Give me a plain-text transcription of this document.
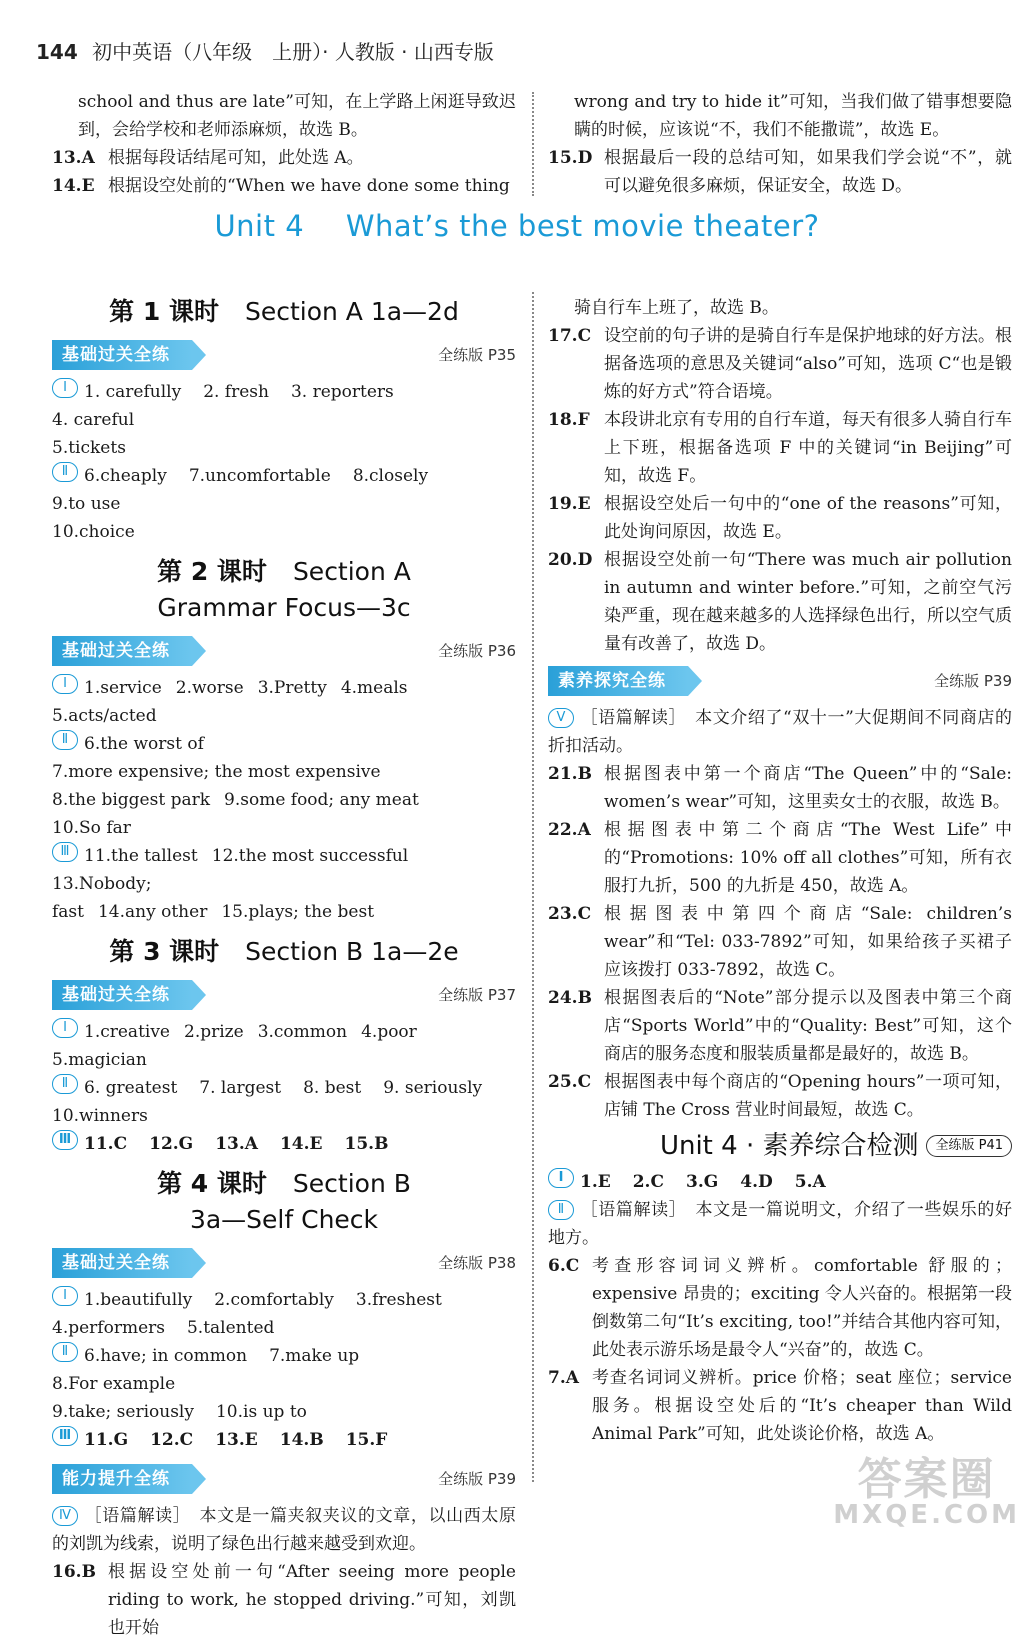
144 初中英语（八年级　上册）· 人教版 · 山西专版

school and thus are late”可知，在上学路上闲逛导致迟到，会给学校和老师添麻烦，故选 B。

13.A 根据每段话结尾可知，此处选 A。
14.E 根据设空处前的“When we have done some thing

wrong and try to hide it”可知，当我们做了错事想要隐瞒的时候，应该说“不，我们不能撒谎”，故选 E。

15.D 根据最后一段的总结可知，如果我们学会说“不”，就可以避免很多麻烦，保证安全，故选 D。
Unit 4 What’s the best movie theater?
第 1 课时 Section A 1a—2d
基础过关全练	全练版 P35
Ⅰ	1. carefully 2. fresh 3. reporters
4. careful
5.tickets
Ⅱ 6.cheaply 7.uncomfortable 8.closely
9.to use
10.choice
第 2 课时 Section A
Grammar Focus—3c
基础过关全练	全练版 P36
Ⅰ	1.service 2.worse 3.Pretty 4.meals
5.acts/acted
Ⅱ 6.the worst of
7.more expensive; the most expensive
8.the biggest park 9.some food; any meat
10.So far
Ⅲ 11.the tallest 12.the most successful
13.Nobody;
fast 14.any other 15.plays; the best
第 3 课时 Section B 1a—2e
基础过关全练	全练版 P37
Ⅰ	1.creative 2.prize 3.common 4.poor
5.magician
Ⅱ 6. greatest 7. largest 8. best 9. seriously
10.winners
Ⅲ 11.C 12.G 13.A 14.E 15.B
第 4 课时 Section B
3a—Self Check
基础过关全练	全练版 P38
Ⅰ	1.beautifully 2.comfortably 3.freshest
4.performers 5.talented
Ⅱ 6.have; in common 7.make up
8.For example
9.take; seriously 10.is up to
Ⅲ 11.G 12.C 13.E 14.B 15.F
能力提升全练	全练版 P39

Ⅳ ［语篇解读］　本文是一篇夹叙夹议的文章，以山西太原的刘凯为线索，说明了绿色出行越来越受到欢迎。

16.B 根据设空处前一句“After seeing more people riding to work, he stopped driving.”可知，刘凯也开始

骑自行车上班了，故选 B。

17.C 设空前的句子讲的是骑自行车是保护地球的好方法。根据备选项的意思及关键词“also”可知，选项 C“也是锻炼的好方式”符合语境。
18.F 本段讲北京有专用的自行车道，每天有很多人骑自行车上下班，根据备选项 F 中的关键词“in Beijing”可知，故选 F。
19.E 根据设空处后一句中的“one of the reasons”可知，此处询问原因，故选 E。
20.D 根据设空处前一句“There was much air pollution in autumn and winter before.”可知，之前空气污染严重，现在越来越多的人选择绿色出行，所以空气质量有改善了，故选 D。
素养探究全练	全练版 P39

Ⅴ ［语篇解读］　本文介绍了“双十一”大促期间不同商店的折扣活动。

21.B 根据图表中第一个商店“The Queen”中的“Sale: women’s wear”可知，这里卖女士的衣服，故选 B。
22.A 根据图表中第二个商店“The West Life”中的“Promotions: 10% off all clothes”可知，所有衣服打九折，500 的九折是 450，故选 A。
23.C 根据图表中第四个商店“Sale: children’s wear”和“Tel: 033-7892”可知，如果给孩子买裙子应该拨打 033-7892，故选 C。
24.B 根据图表后的“Note”部分提示以及图表中第三个商店“Sports World”中的“Quality: Best”可知，这个商店的服务态度和服装质量都是最好的，故选 B。
25.C 根据图表中每个商店的“Opening hours”一项可知，店铺 The Cross 营业时间最短，故选 C。
Unit 4 · 素养综合检测	全练版 P41
Ⅰ 1.E 2.C 3.G 4.D 5.A

Ⅱ ［语篇解读］　本文是一篇说明文，介绍了一些娱乐的好地方。

6.C 考查形容词词义辨析。comfortable 舒服的；expensive 昂贵的；exciting 令人兴奋的。根据第一段倒数第二句“It’s exciting, too!”并结合其他内容可知，此处表示游乐场是最令人“兴奋”的，故选 C。
7.A 考查名词词义辨析。price 价格；seat 座位；service 服务。根据设空处后的“It’s cheaper than Wild Animal Park”可知，此处谈论价格，故选 A。
答案圈
MXQE.COM
